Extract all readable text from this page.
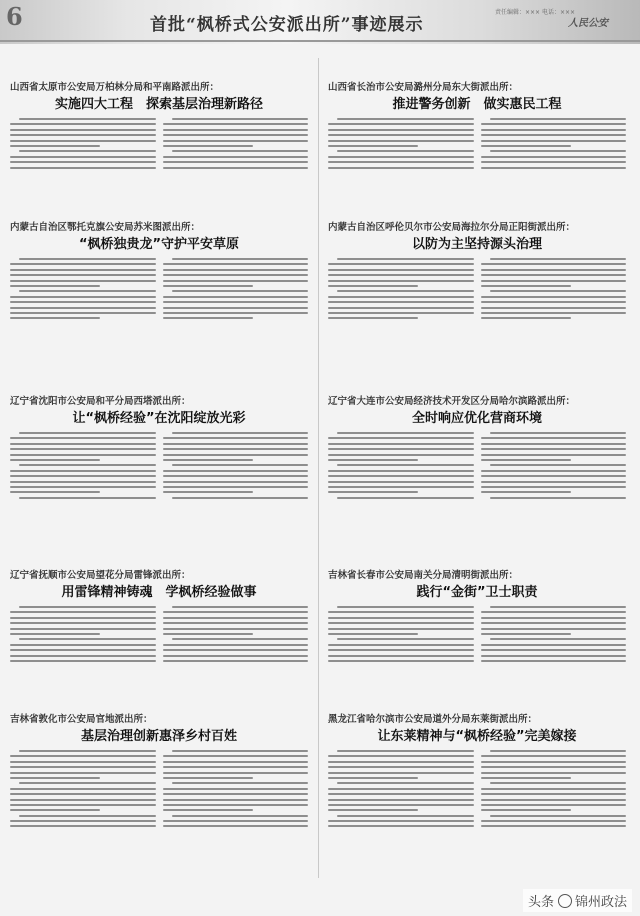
6	首批“枫桥式公安派出所”事迹展示
责任编辑：××× 电话：×××
人民公安
山西省太原市公安局万柏林分局和平南路派出所：
实施四大工程　探索基层治理新路径
山西省长治市公安局潞州分局东大街派出所：
推进警务创新　做实惠民工程
内蒙古自治区鄂托克旗公安局苏米图派出所：
“枫桥独贵龙”守护平安草原
内蒙古自治区呼伦贝尔市公安局海拉尔分局正阳街派出所：
以防为主坚持源头治理
辽宁省沈阳市公安局和平分局西塔派出所：
让“枫桥经验”在沈阳绽放光彩
辽宁省大连市公安局经济技术开发区分局哈尔滨路派出所：
全时响应优化营商环境
辽宁省抚顺市公安局望花分局雷锋派出所：
用雷锋精神铸魂　学枫桥经验做事
吉林省长春市公安局南关分局清明街派出所：
践行“金街”卫士职责
吉林省敦化市公安局官地派出所：
基层治理创新惠泽乡村百姓
黑龙江省哈尔滨市公安局道外分局东莱街派出所：
让东莱精神与“枫桥经验”完美嫁接
头条 锦州政法
